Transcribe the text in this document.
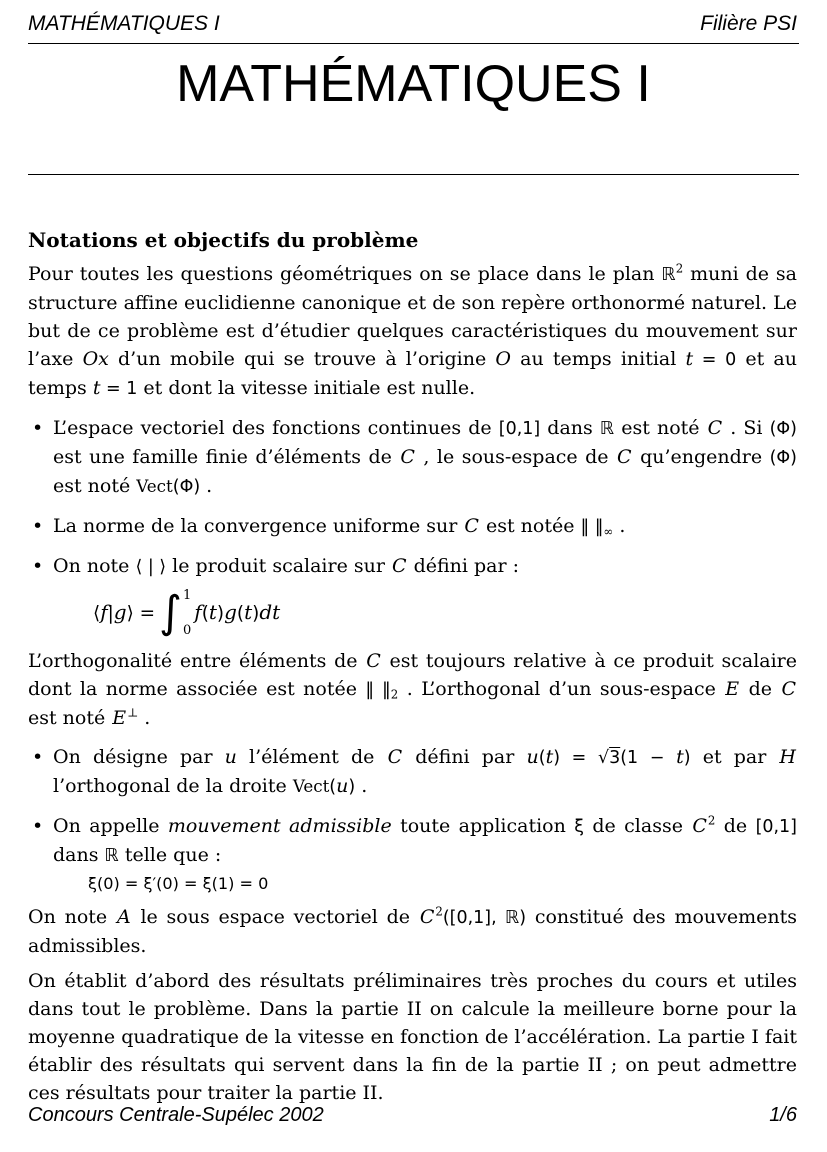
MATHÉMATIQUES I	Filière PSI
MATHÉMATIQUES I
Notations et objectifs du problème
Pour toutes les questions géométriques on se place dans le plan ℝ$^2$ muni de sa structure affine euclidienne canonique et de son repère orthonormé naturel. Le but de ce problème est d’étudier quelques caractéristiques du mouvement sur l’axe Ox d’un mobile qui se trouve à l’origine O au temps initial t = 0 et au temps t = 1 et dont la vitesse initiale est nulle.
• L’espace vectoriel des fonctions continues de [0,1] dans ℝ est noté C . Si (Φ) est une famille finie d’éléments de C , le sous-espace de C qu’engendre (Φ) est noté Vect(Φ) .
• La norme de la convergence uniforme sur C est notée ‖ ‖∞ .
• On note ⟨ | ⟩ le produit scalaire sur C défini par :
⟨f|g⟩ = ∫ 1
0
f(t)g(t)dt
L’orthogonalité entre éléments de C est toujours relative à ce produit scalaire dont la norme associée est notée ‖ ‖2 . L’orthogonal d’un sous-espace E de C est noté E⊥ .
• On désigne par u l’élément de C défini par u(t) = √3(1 − t) et par H l’orthogonal de la droite Vect(u) .
• On appelle mouvement admissible toute application ξ de classe $C^2$ de [0,1] dans ℝ telle que :
ξ(0) = ξ′(0) = ξ(1) = 0
On note A le sous espace vectoriel de $C^2([0,1]$, ℝ) constitué des mouvements admissibles.
On établit d’abord des résultats préliminaires très proches du cours et utiles dans tout le problème. Dans la partie II on calcule la meilleure borne pour la moyenne quadratique de la vitesse en fonction de l’accélération. La partie I fait établir des résultats qui servent dans la fin de la partie II ; on peut admettre ces résultats pour traiter la partie II.
Concours Centrale-Supélec 2002	1/6
